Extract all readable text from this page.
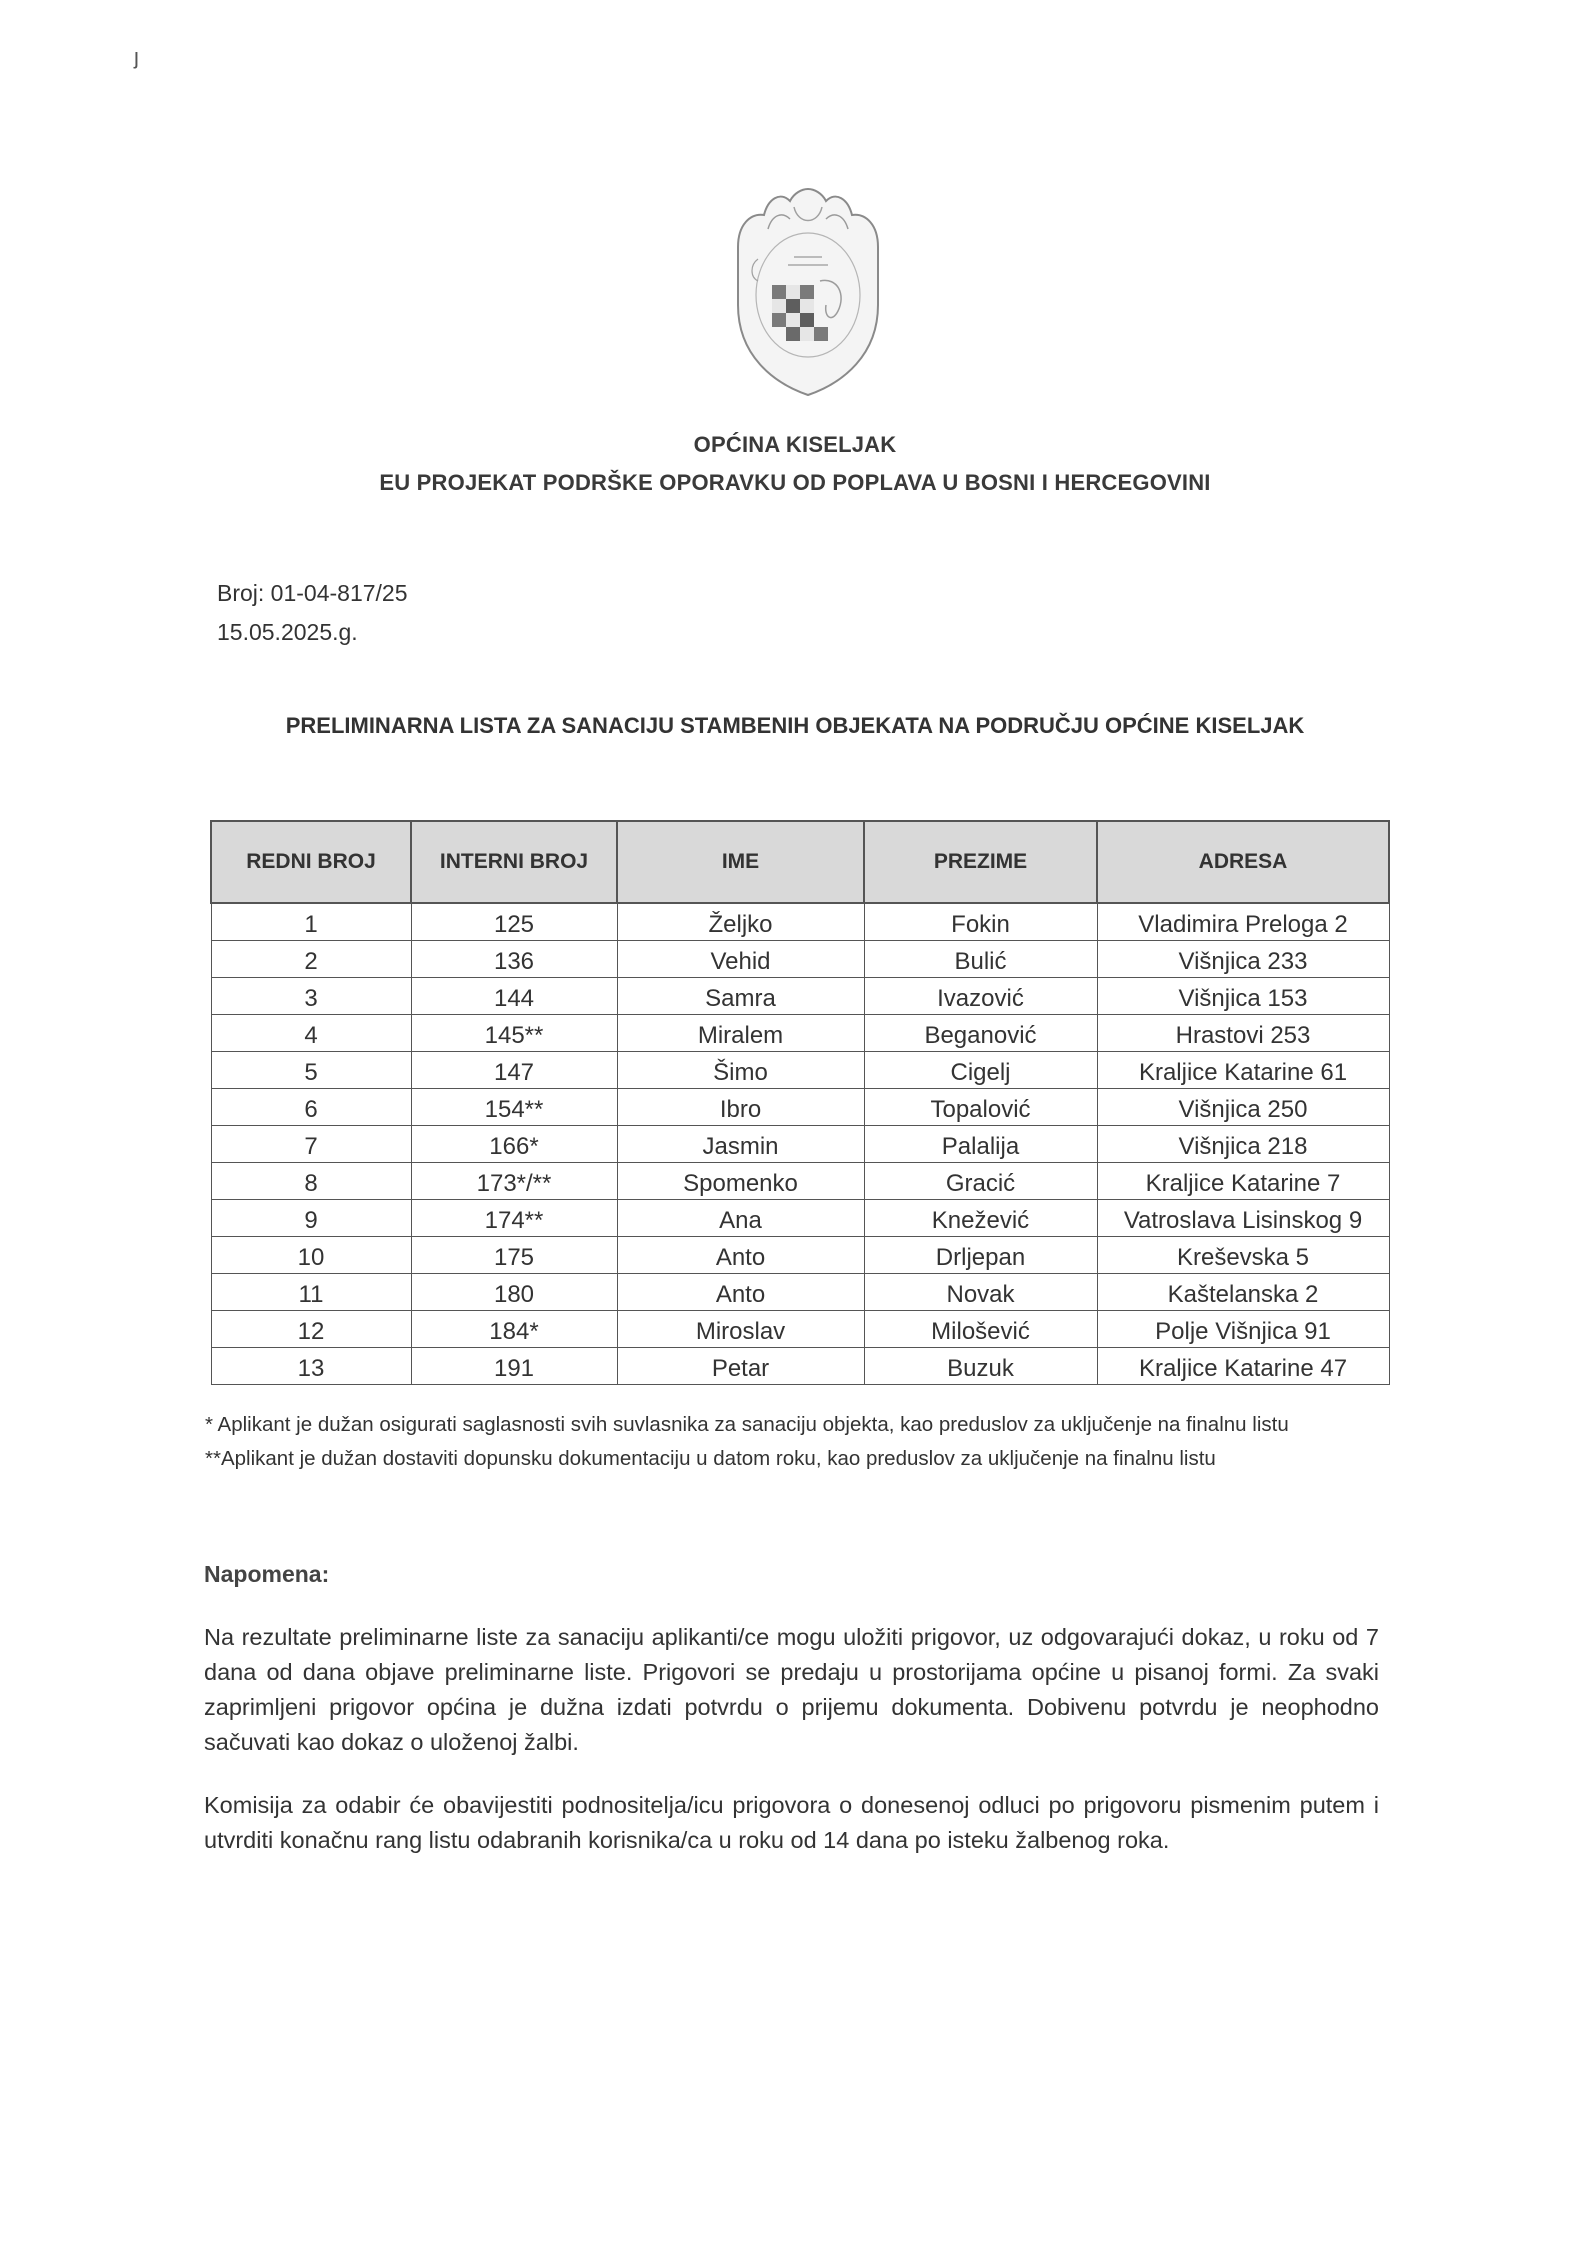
ȷ
OPĆINA KISELJAK
EU PROJEKAT PODRŠKE OPORAVKU OD POPLAVA U BOSNI I HERCEGOVINI
Broj: 01-04-817/25
15.05.2025.g.
PRELIMINARNA LISTA ZA SANACIJU STAMBENIH OBJEKATA NA PODRUČJU OPĆINE KISELJAK
REDNI BROJ	INTERNI BROJ	IME	PREZIME	ADRESA
1	125	Željko	Fokin	Vladimira Preloga 2
2	136	Vehid	Bulić	Višnjica 233
3	144	Samra	Ivazović	Višnjica 153
4	145**	Miralem	Beganović	Hrastovi 253
5	147	Šimo	Cigelj	Kraljice Katarine 61
6	154**	Ibro	Topalović	Višnjica 250
7	166*	Jasmin	Palalija	Višnjica 218
8	173*/**	Spomenko	Gracić	Kraljice Katarine 7
9	174**	Ana	Knežević	Vatroslava Lisinskog 9
10	175	Anto	Drljepan	Kreševska 5
11	180	Anto	Novak	Kaštelanska 2
12	184*	Miroslav	Milošević	Polje Višnjica 91
13	191	Petar	Buzuk	Kraljice Katarine 47

* Aplikant je dužan osigurati saglasnosti svih suvlasnika za sanaciju objekta, kao preduslov za uključenje na finalnu listu

**Aplikant je dužan dostaviti dopunsku dokumentaciju u datom roku, kao preduslov za uključenje na finalnu listu

Napomena:
Na rezultate preliminarne liste za sanaciju aplikanti/ce mogu uložiti prigovor, uz odgovarajući dokaz, u roku od 7 dana od dana objave preliminarne liste. Prigovori se predaju u prostorijama općine u pisanoj formi. Za svaki zaprimljeni prigovor općina je dužna izdati potvrdu o prijemu dokumenta. Dobivenu potvrdu je neophodno sačuvati kao dokaz o uloženoj žalbi.
Komisija za odabir će obavijestiti podnositelja/icu prigovora o donesenoj odluci po prigovoru pismenim putem i utvrditi konačnu rang listu odabranih korisnika/ca u roku od 14 dana po isteku žalbenog roka.
